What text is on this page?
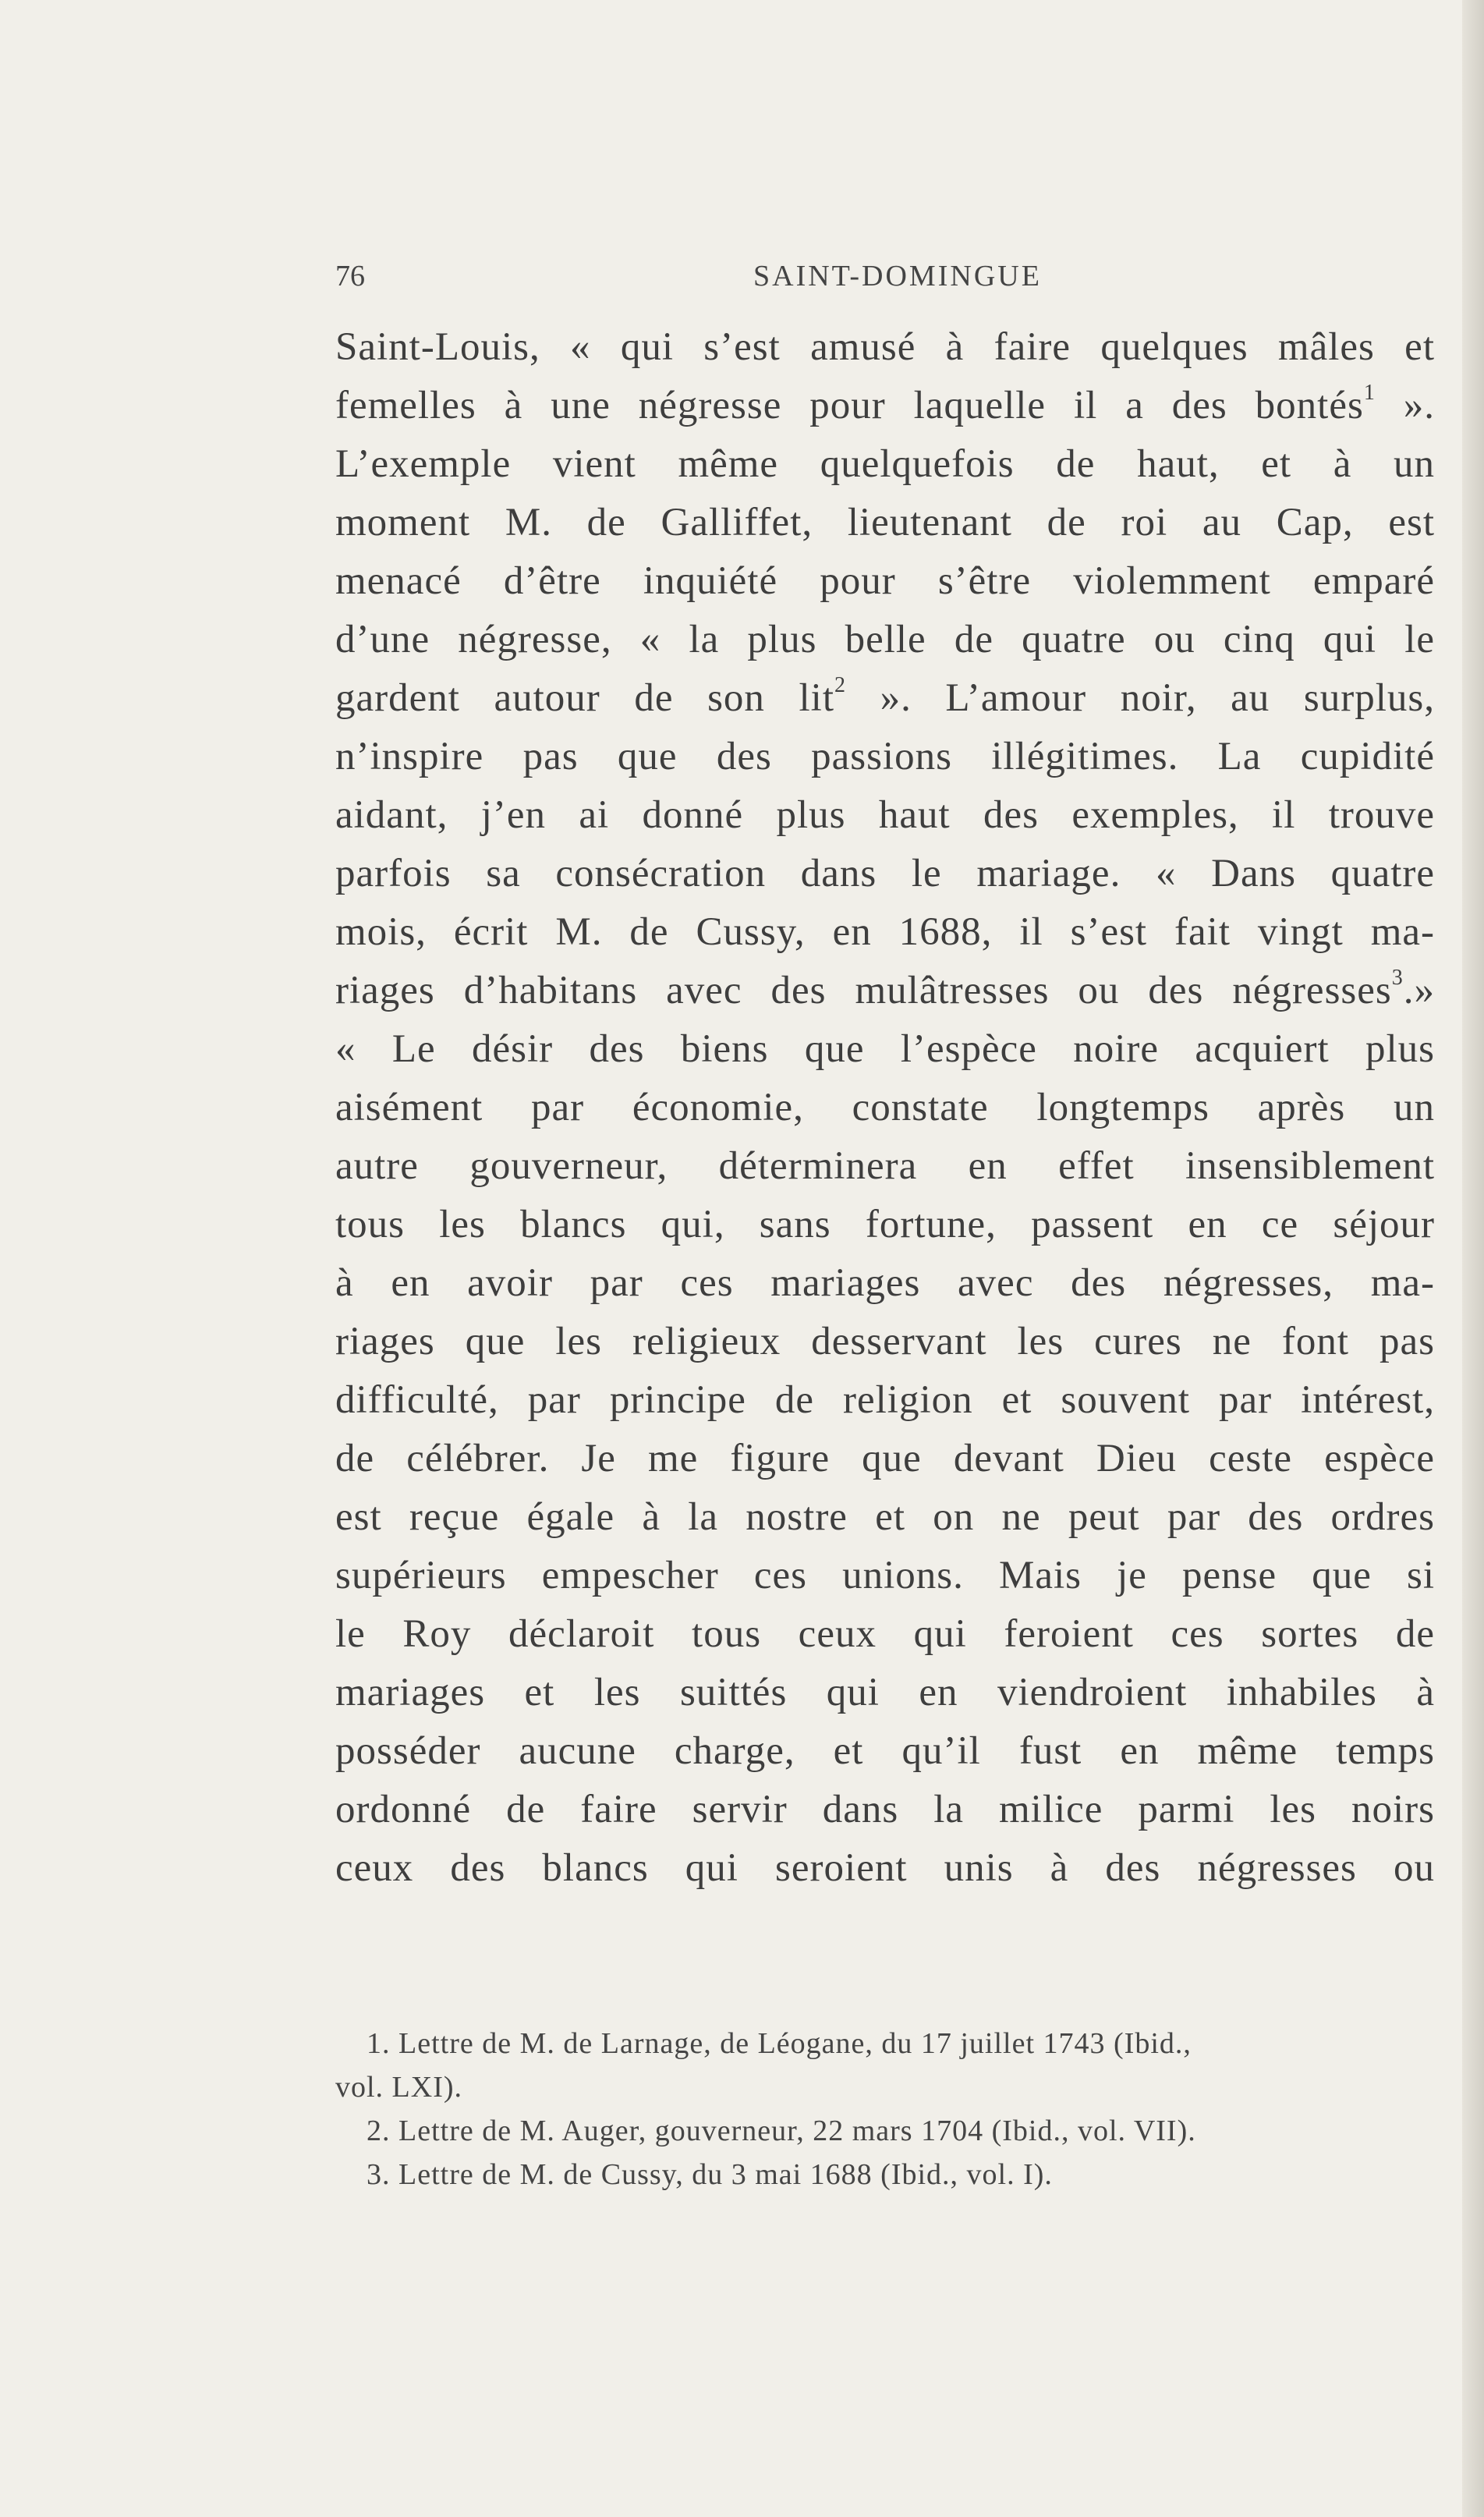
76	SAINT-DOMINGUE
Saint-Louis, « qui s’est amusé à faire quelques mâles et
femelles à une négresse pour laquelle il a des bontés$^1$ ».
L’exemple vient même quelquefois de haut, et à un
moment M. de Galliffet, lieutenant de roi au Cap, est
menacé d’être inquiété pour s’être violemment emparé
d’une négresse, « la plus belle de quatre ou cinq qui le
gardent autour de son lit$^2$ ». L’amour noir, au surplus,
n’inspire pas que des passions illégitimes. La cupidité
aidant, j’en ai donné plus haut des exemples, il trouve
parfois sa consécration dans le mariage. « Dans quatre
mois, écrit M. de Cussy, en 1688, il s’est fait vingt ma-
riages d’habitans avec des mulâtresses ou des négresses$^3$.»
« Le désir des biens que l’espèce noire acquiert plus
aisément par économie, constate longtemps après un
autre gouverneur, déterminera en effet insensiblement
tous les blancs qui, sans fortune, passent en ce séjour
à en avoir par ces mariages avec des négresses, ma-
riages que les religieux desservant les cures ne font pas
difficulté, par principe de religion et souvent par intérest,
de célébrer. Je me figure que devant Dieu ceste espèce
est reçue égale à la nostre et on ne peut par des ordres
supérieurs empescher ces unions. Mais je pense que si
le Roy déclaroit tous ceux qui feroient ces sortes de
mariages et les suittés qui en viendroient inhabiles à
posséder aucune charge, et qu’il fust en même temps
ordonné de faire servir dans la milice parmi les noirs
ceux des blancs qui seroient unis à des négresses ou
1. Lettre de M. de Larnage, de Léogane, du 17 juillet 1743 (Ibid.,
vol. LXI).
2. Lettre de M. Auger, gouverneur, 22 mars 1704 (Ibid., vol. VII).
3. Lettre de M. de Cussy, du 3 mai 1688 (Ibid., vol. I).
